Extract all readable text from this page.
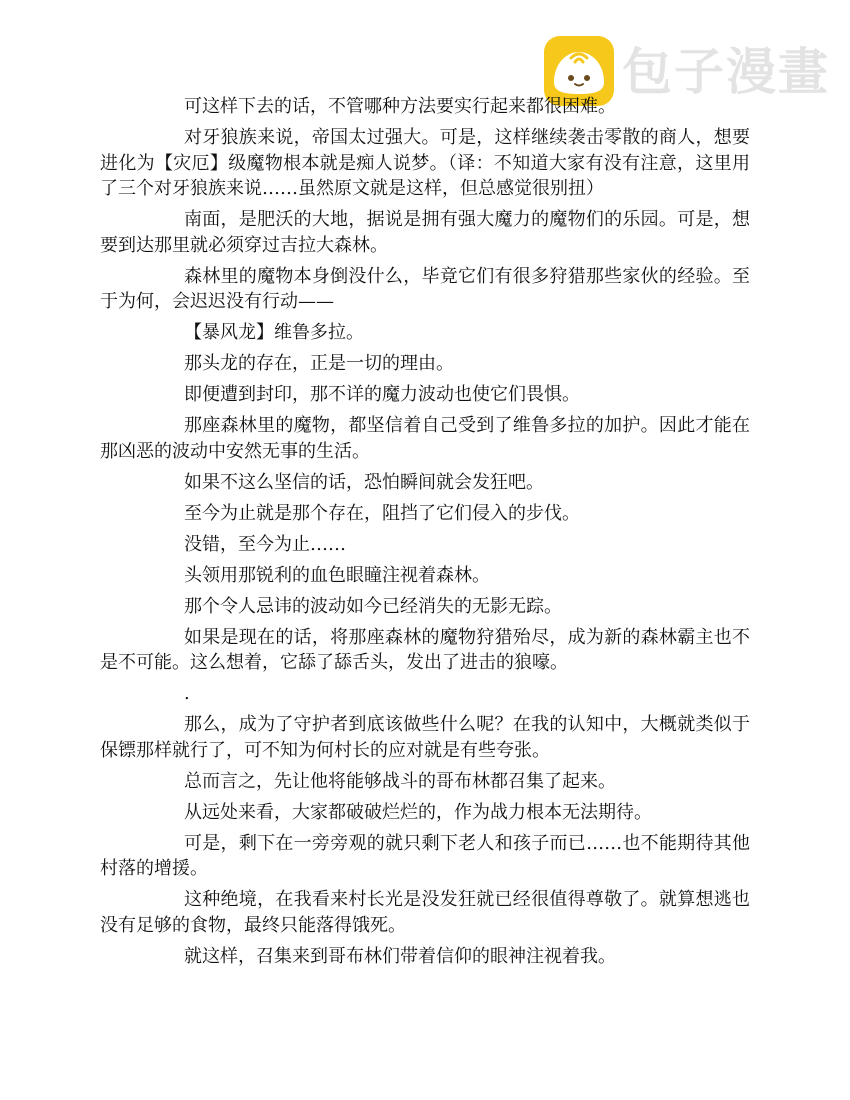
包子漫畫

可这样下去的话，不管哪种方法要实行起来都很困难。

对牙狼族来说，帝国太过强大。可是，这样继续袭击零散的商人，想要进化为【灾厄】级魔物根本就是痴人说梦。（译：不知道大家有没有注意，这里用了三个对牙狼族来说……虽然原文就是这样，但总感觉很别扭）

南面，是肥沃的大地，据说是拥有强大魔力的魔物们的乐园。可是，想要到达那里就必须穿过吉拉大森林。

森林里的魔物本身倒没什么，毕竟它们有很多狩猎那些家伙的经验。至于为何，会迟迟没有行动——

【暴风龙】维鲁多拉。

那头龙的存在，正是一切的理由。

即便遭到封印，那不详的魔力波动也使它们畏惧。

那座森林里的魔物，都坚信着自己受到了维鲁多拉的加护。因此才能在那凶恶的波动中安然无事的生活。

如果不这么坚信的话，恐怕瞬间就会发狂吧。

至今为止就是那个存在，阻挡了它们侵入的步伐。

没错，至今为止……

头领用那锐利的血色眼瞳注视着森林。

那个令人忌讳的波动如今已经消失的无影无踪。

如果是现在的话，将那座森林的魔物狩猎殆尽，成为新的森林霸主也不是不可能。这么想着，它舔了舔舌头，发出了进击的狼嚎。

.

那么，成为了守护者到底该做些什么呢？在我的认知中，大概就类似于保镖那样就行了，可不知为何村长的应对就是有些夸张。

总而言之，先让他将能够战斗的哥布林都召集了起来。

从远处来看，大家都破破烂烂的，作为战力根本无法期待。

可是，剩下在一旁旁观的就只剩下老人和孩子而已……也不能期待其他村落的增援。

这种绝境，在我看来村长光是没发狂就已经很值得尊敬了。就算想逃也没有足够的食物，最终只能落得饿死。

就这样，召集来到哥布林们带着信仰的眼神注视着我。
